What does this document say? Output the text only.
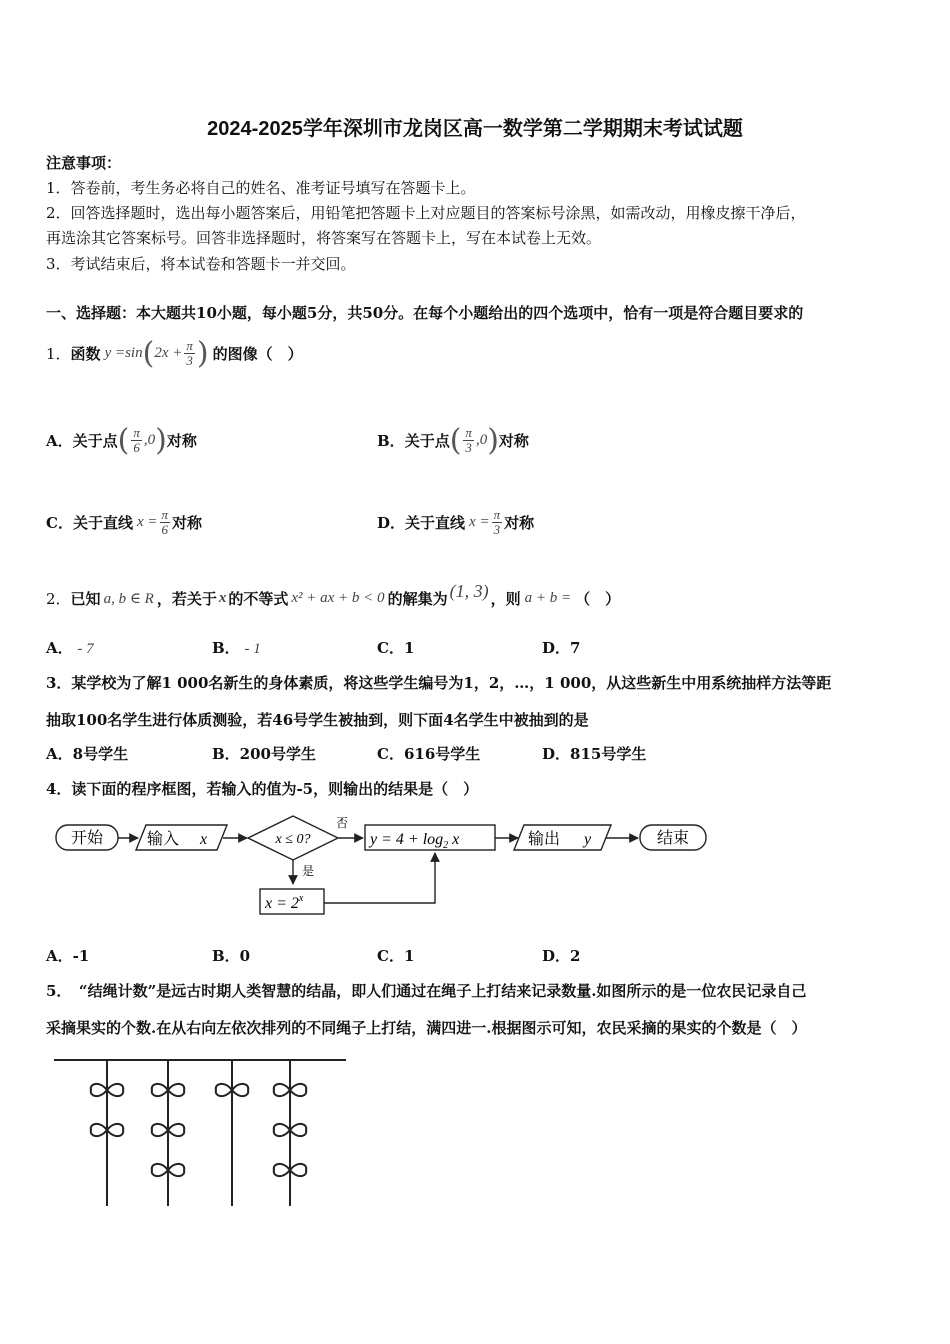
2024-2025学年深圳市龙岗区高一数学第二学期期末考试试题
注意事项：
1．答卷前，考生务必将自己的姓名、准考证号填写在答题卡上。
2．回答选择题时，选出每小题答案后，用铅笔把答题卡上对应题目的答案标号涂黑，如需改动，用橡皮擦干净后，
再选涂其它答案标号。回答非选择题时，将答案写在答题卡上，写在本试卷上无效。
3．考试结束后，将本试卷和答题卡一并交回。
一、选择题：本大题共10小题，每小题5分，共50分。在每个小题给出的四个选项中，恰有一项是符合题目要求的
1． 函数 y =sin ( $2x + \frac{\pi}{3}$ ) 的图像（　）
A． 关于点 ( $\frac{\pi}{6} ,0$ ) 对称	B． 关于点 ( $\frac{\pi}{3} ,0$ ) 对称
C． 关于直线 $x = \frac{\pi}{6}$ 对称	D． 关于直线 $x = \frac{\pi}{3}$ 对称
2． 已知 a, b ∈ R ，若关于 x 的不等式 x² + ax + b < 0 的解集为 (1, 3) ，则 a + b = （　）
A． - 7	B． - 1	C．1	D．7
3．某学校为了解1 000名新生的身体素质，将这些学生编号为1，2，…，1 000，从这些新生中用系统抽样方法等距
抽取100名学生进行体质测验，若46号学生被抽到，则下面4名学生中被抽到的是
A．8号学生	B．200号学生	C．616号学生	D．815号学生
4．读下面的程序框图，若输入的值为-5，则输出的结果是（　）
开始	输入 x	x ≤ 0?
否
$y = 4 + \log_2 x$	输出 y	结束
是
$x = 2^x$
A．-1	B．0	C．1	D．2
5．　“结绳计数”是远古时期人类智慧的结晶，即人们通过在绳子上打结来记录数量.如图所示的是一位农民记录自己
采摘果实的个数.在从右向左依次排列的不同绳子上打结，满四进一.根据图示可知，农民采摘的果实的个数是（　）
